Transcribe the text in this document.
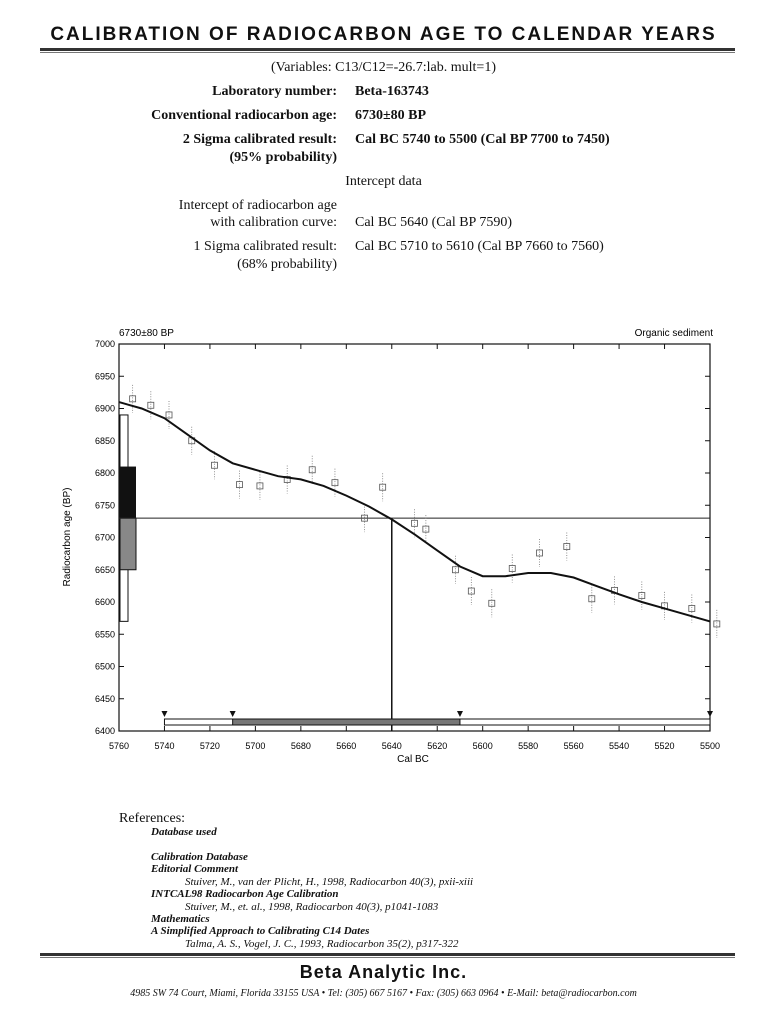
CALIBRATION OF RADIOCARBON AGE TO CALENDAR YEARS
(Variables: C13/C12=-26.7:lab. mult=1)
Laboratory number: Beta-163743
Conventional radiocarbon age: 6730±80 BP
2 Sigma calibrated result: Cal BC 5740 to 5500 (Cal BP 7700 to 7450)
(95% probability)
Intercept data
Intercept of radiocarbon age
with calibration curve: Cal BC 5640 (Cal BP 7590)
1 Sigma calibrated result: Cal BC 5710 to 5610 (Cal BP 7660 to 7560)
(68% probability)
6730±80 BP	Organic sediment
Cal BC
Radiocarbon age (BP)
6400
6450
6500
6550
6600
6650
6700
6750
6800
6850
6900
6950
7000
5760	5740	5720	5700	5680	5660	5640	5620	5600	5580	5560	5540	5520	5500
References:
Database used
Calibration Database
Editorial Comment
Stuiver, M., van der Plicht, H., 1998, Radiocarbon 40(3), pxii-xiii
INTCAL98 Radiocarbon Age Calibration
Stuiver, M., et. al., 1998, Radiocarbon 40(3), p1041-1083
Mathematics
A Simplified Approach to Calibrating C14 Dates
Talma, A. S., Vogel, J. C., 1993, Radiocarbon 35(2), p317-322
Beta Analytic Inc.
4985 SW 74 Court, Miami, Florida 33155 USA • Tel: (305) 667 5167 • Fax: (305) 663 0964 • E-Mail: beta@radiocarbon.com
